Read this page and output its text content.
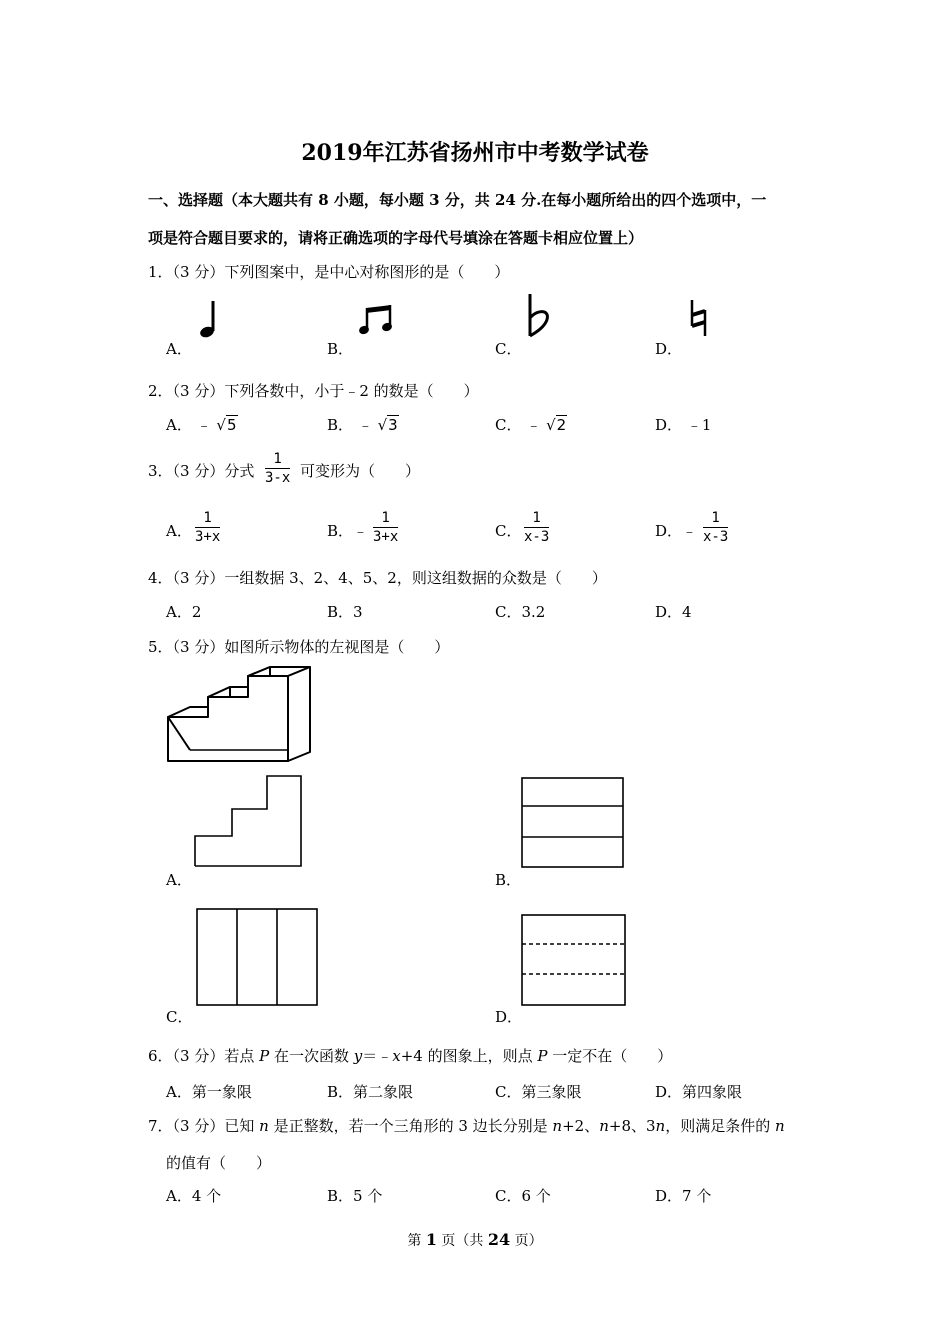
2019年江苏省扬州市中考数学试卷
一、选择题（本大题共有 8 小题，每小题 3 分，共 24 分.在每小题所给出的四个选项中，一
项是符合题目要求的，请将正确选项的字母代号填涂在答题卡相应位置上）
1．（3 分）下列图案中，是中心对称图形的是（　　）
A．	B．	C．	D．
2．（3 分）下列各数中，小于﹣2 的数是（　　）
A． ﹣ √5	B． ﹣ √3	C． ﹣ √2	D． ﹣1
3．（3 分）分式
1
3-x 可变形为（　　）
A．
1
3+x	B．﹣
1
3+x	C．
1
x-3	D．﹣
1
x-3
4．（3 分）一组数据 3、2、4、5、2，则这组数据的众数是（　　）
A．2	B．3	C．3.2	D．4
5．（3 分）如图所示物体的左视图是（　　）
A．	B．
C．	D．
6．（3 分）若点 P 在一次函数 y＝﹣x+4 的图象上，则点 P 一定不在（　　）
A．第一象限	B．第二象限	C．第三象限	D．第四象限
7．（3 分）已知 n 是正整数，若一个三角形的 3 边长分别是 n+2、n+8、3n，则满足条件的 n
的值有（　　）
A．4 个	B．5 个	C．6 个	D．7 个
第 1 页（共 24 页）
